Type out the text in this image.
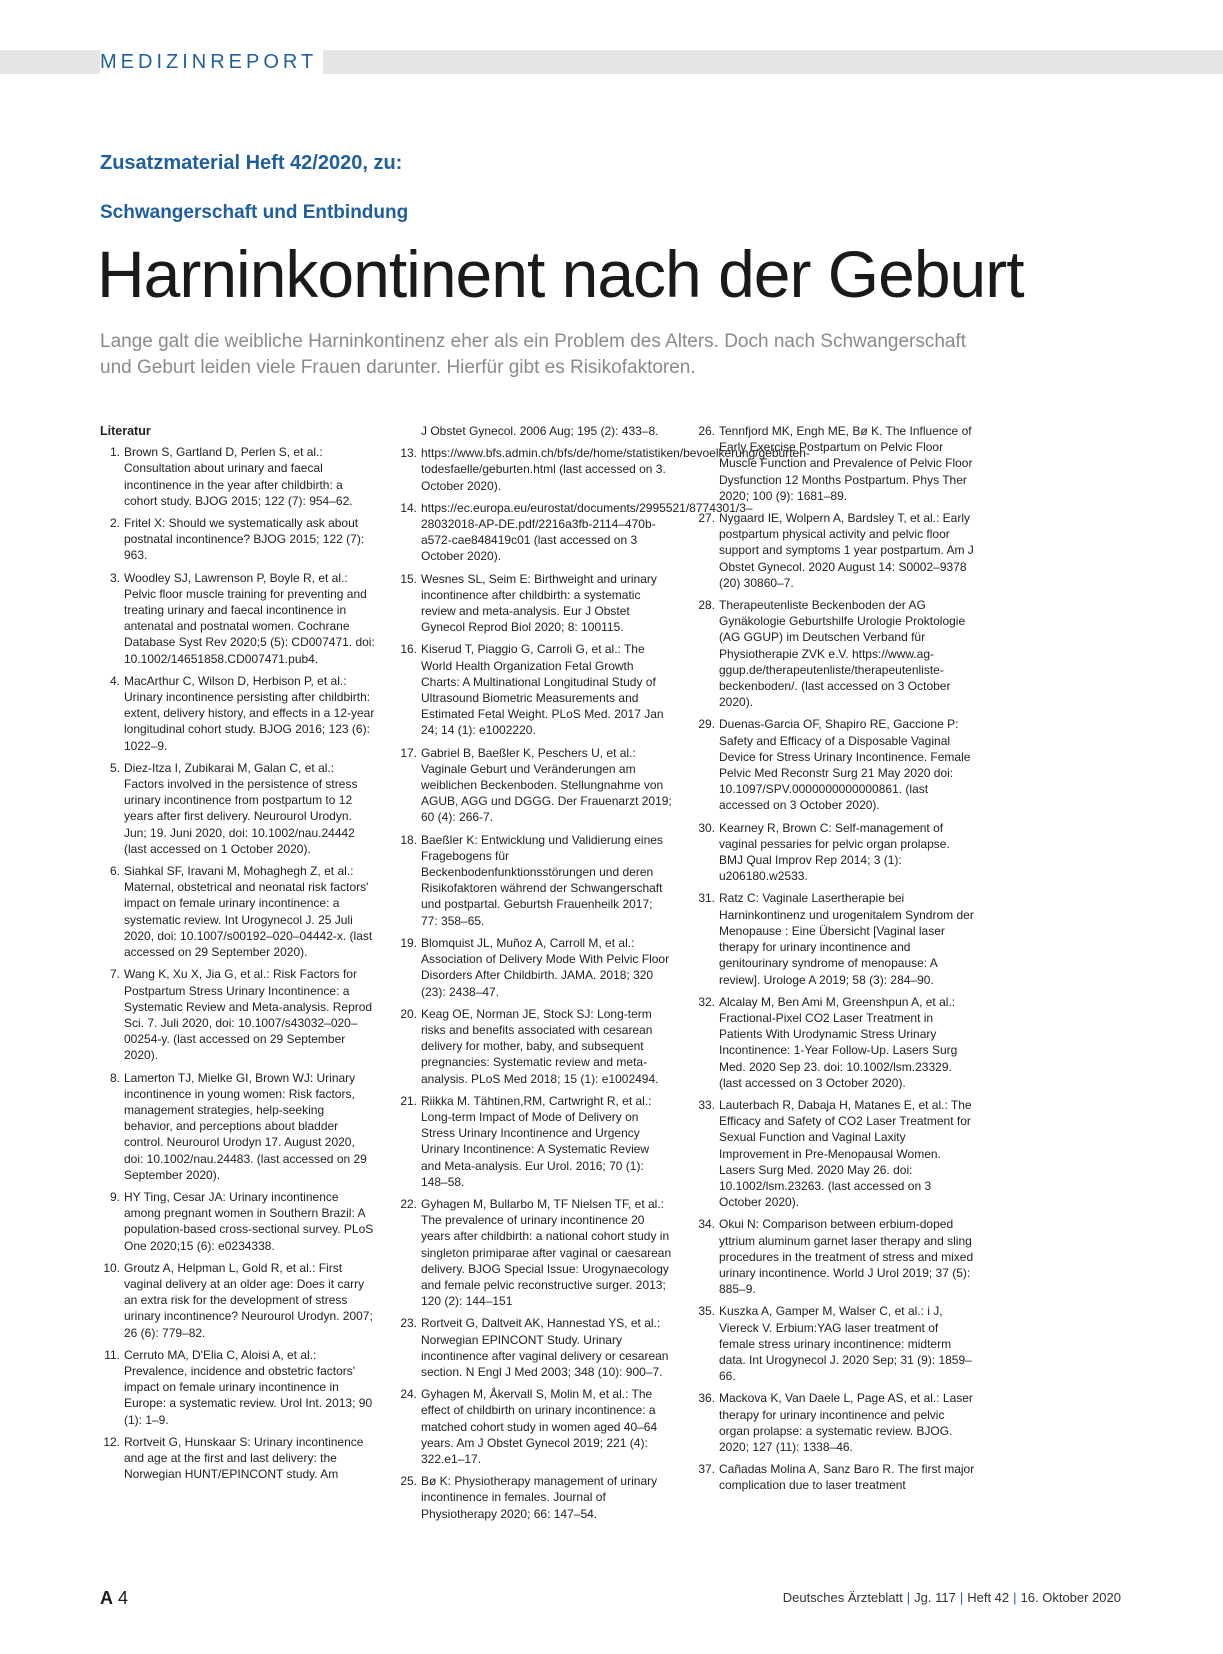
MEDIZINREPORT
Zusatzmaterial Heft 42/2020, zu:
Schwangerschaft und Entbindung
Harninkontinent nach der Geburt

Lange galt die weibliche Harninkontinenz eher als ein Problem des Alters. Doch nach Schwangerschaft und Geburt leiden viele Frauen darunter. Hierfür gibt es Risikofaktoren.

Literatur
1. Brown S, Gartland D, Perlen S, et al.: Consultation about urinary and faecal incontinence in the year after childbirth: a cohort study. BJOG 2015; 122 (7): 954–62.
2. Fritel X: Should we systematically ask about postnatal incontinence? BJOG 2015; 122 (7): 963.
3. Woodley SJ, Lawrenson P, Boyle R, et al.: Pelvic floor muscle training for preventing and treating urinary and faecal incontinence in antenatal and postnatal women. Cochrane Database Syst Rev 2020;5 (5): CD007471. doi: 10.1002/14651858.CD007471.pub4.
4. MacArthur C, Wilson D, Herbison P, et al.: Urinary incontinence persisting after childbirth: extent, delivery history, and effects in a 12-year longitudinal cohort study. BJOG 2016; 123 (6): 1022–9.
5. Diez-Itza I, Zubikarai M, Galan C, et al.: Factors involved in the persistence of stress urinary incontinence from postpartum to 12 years after first delivery. Neurourol Urodyn. Jun; 19. Juni 2020, doi: 10.1002/nau.24442 (last accessed on 1 October 2020).
6. Siahkal SF, Iravani M, Mohaghegh Z, et al.: Maternal, obstetrical and neonatal risk factors' impact on female urinary incontinence: a systematic review. Int Urogynecol J. 25 Juli 2020, doi: 10.1007/s00192–020–04442-x. (last accessed on 29 September 2020).
7. Wang K, Xu X, Jia G, et al.: Risk Factors for Postpartum Stress Urinary Incontinence: a Systematic Review and Meta-analysis. Reprod Sci. 7. Juli 2020, doi: 10.1007/s43032–020–00254-y. (last accessed on 29 September 2020).
8. Lamerton TJ, Mielke GI, Brown WJ: Urinary incontinence in young women: Risk factors, management strategies, help-seeking behavior, and perceptions about bladder control. Neurourol Urodyn 17. August 2020, doi: 10.1002/nau.24483. (last accessed on 29 September 2020).
9. HY Ting, Cesar JA: Urinary incontinence among pregnant women in Southern Brazil: A population-based cross-sectional survey. PLoS One 2020;15 (6): e0234338.
10. Groutz A, Helpman L, Gold R, et al.: First vaginal delivery at an older age: Does it carry an extra risk for the development of stress urinary incontinence? Neurourol Urodyn. 2007; 26 (6): 779–82.
11. Cerruto MA, D'Elia C, Aloisi A, et al.: Prevalence, incidence and obstetric factors' impact on female urinary incontinence in Europe: a systematic review. Urol Int. 2013; 90 (1): 1–9.
12. Rortveit G, Hunskaar S: Urinary incontinence and age at the first and last delivery: the Norwegian HUNT/EPINCONT study. Am
J Obstet Gynecol. 2006 Aug; 195 (2): 433–8.
13. https://www.bfs.admin.ch/bfs/de/home/statistiken/bevoelkerung/geburten-todesfaelle/geburten.html (last accessed on 3. October 2020).
14. https://ec.europa.eu/eurostat/documents/2995521/8774301/3–28032018-AP-DE.pdf/2216a3fb-2114–470b-a572-cae848419c01 (last accessed on 3 October 2020).
15. Wesnes SL, Seim E: Birthweight and urinary incontinence after childbirth: a systematic review and meta-analysis. Eur J Obstet Gynecol Reprod Biol 2020; 8: 100115.
16. Kiserud T, Piaggio G, Carroli G, et al.: The World Health Organization Fetal Growth Charts: A Multinational Longitudinal Study of Ultrasound Biometric Measurements and Estimated Fetal Weight. PLoS Med. 2017 Jan 24; 14 (1): e1002220.
17. Gabriel B, Baeßler K, Peschers U, et al.: Vaginale Geburt und Veränderungen am weiblichen Beckenboden. Stellungnahme von AGUB, AGG und DGGG. Der Frauenarzt 2019; 60 (4): 266-7.
18. Baeßler K: Entwicklung und Validierung eines Fragebogens für Beckenbodenfunktionsstörungen und deren Risikofaktoren während der Schwangerschaft und postpartal. Geburtsh Frauenheilk 2017; 77: 358–65.
19. Blomquist JL, Muñoz A, Carroll M, et al.: Association of Delivery Mode With Pelvic Floor Disorders After Childbirth. JAMA. 2018; 320 (23): 2438–47.
20. Keag OE, Norman JE, Stock SJ: Long-term risks and benefits associated with cesarean delivery for mother, baby, and subsequent pregnancies: Systematic review and meta-analysis. PLoS Med 2018; 15 (1): e1002494.
21. Riikka M. Tähtinen,RM, Cartwright R, et al.: Long-term Impact of Mode of Delivery on Stress Urinary Incontinence and Urgency Urinary Incontinence: A Systematic Review and Meta-analysis. Eur Urol. 2016; 70 (1): 148–58.
22. Gyhagen M, Bullarbo M, TF Nielsen TF, et al.: The prevalence of urinary incontinence 20 years after childbirth: a national cohort study in singleton primiparae after vaginal or caesarean delivery. BJOG Special Issue: Urogynaecology and female pelvic reconstructive surger. 2013; 120 (2): 144–151
23. Rortveit G, Daltveit AK, Hannestad YS, et al.: Norwegian EPINCONT Study. Urinary incontinence after vaginal delivery or cesarean section. N Engl J Med 2003; 348 (10): 900–7.
24. Gyhagen M, Åkervall S, Molin M, et al.: The effect of childbirth on urinary incontinence: a matched cohort study in women aged 40–64 years. Am J Obstet Gynecol 2019; 221 (4): 322.e1–17.
25. Bø K: Physiotherapy management of urinary incontinence in females. Journal of Physiotherapy 2020; 66: 147–54.
26. Tennfjord MK, Engh ME, Bø K. The Influence of Early Exercise Postpartum on Pelvic Floor Muscle Function and Prevalence of Pelvic Floor Dysfunction 12 Months Postpartum. Phys Ther 2020; 100 (9): 1681–89.
27. Nygaard IE, Wolpern A, Bardsley T, et al.: Early postpartum physical activity and pelvic floor support and symptoms 1 year postpartum. Am J Obstet Gynecol. 2020 August 14: S0002–9378 (20) 30860–7.
28. Therapeutenliste Beckenboden der AG Gynäkologie Geburtshilfe Urologie Proktologie (AG GGUP) im Deutschen Verband für Physiotherapie ZVK e.V. https://www.ag-ggup.de/therapeutenliste/therapeutenliste-beckenboden/. (last accessed on 3 October 2020).
29. Duenas-Garcia OF, Shapiro RE, Gaccione P: Safety and Efficacy of a Disposable Vaginal Device for Stress Urinary Incontinence. Female Pelvic Med Reconstr Surg 21 May 2020 doi: 10.1097/SPV.0000000000000861. (last accessed on 3 October 2020).
30. Kearney R, Brown C: Self-management of vaginal pessaries for pelvic organ prolapse. BMJ Qual Improv Rep 2014; 3 (1): u206180.w2533.
31. Ratz C: Vaginale Lasertherapie bei Harninkontinenz und urogenitalem Syndrom der Menopause : Eine Übersicht [Vaginal laser therapy for urinary incontinence and genitourinary syndrome of menopause: A review]. Urologe A 2019; 58 (3): 284–90.
32. Alcalay M, Ben Ami M, Greenshpun A, et al.: Fractional-Pixel CO2 Laser Treatment in Patients With Urodynamic Stress Urinary Incontinence: 1-Year Follow-Up. Lasers Surg Med. 2020 Sep 23. doi: 10.1002/lsm.23329. (last accessed on 3 October 2020).
33. Lauterbach R, Dabaja H, Matanes E, et al.: The Efficacy and Safety of CO2 Laser Treatment for Sexual Function and Vaginal Laxity Improvement in Pre-Menopausal Women. Lasers Surg Med. 2020 May 26. doi: 10.1002/lsm.23263. (last accessed on 3 October 2020).
34. Okui N: Comparison between erbium-doped yttrium aluminum garnet laser therapy and sling procedures in the treatment of stress and mixed urinary incontinence. World J Urol 2019; 37 (5): 885–9.
35. Kuszka A, Gamper M, Walser C, et al.: i J, Viereck V. Erbium:YAG laser treatment of female stress urinary incontinence: midterm data. Int Urogynecol J. 2020 Sep; 31 (9): 1859–66.
36. Mackova K, Van Daele L, Page AS, et al.: Laser therapy for urinary incontinence and pelvic organ prolapse: a systematic review. BJOG. 2020; 127 (11): 1338–46.
37. Cañadas Molina A, Sanz Baro R. The first major complication due to laser treatment
A 4	Deutsches Ärzteblatt | Jg. 117 | Heft 42 | 16. Oktober 2020
